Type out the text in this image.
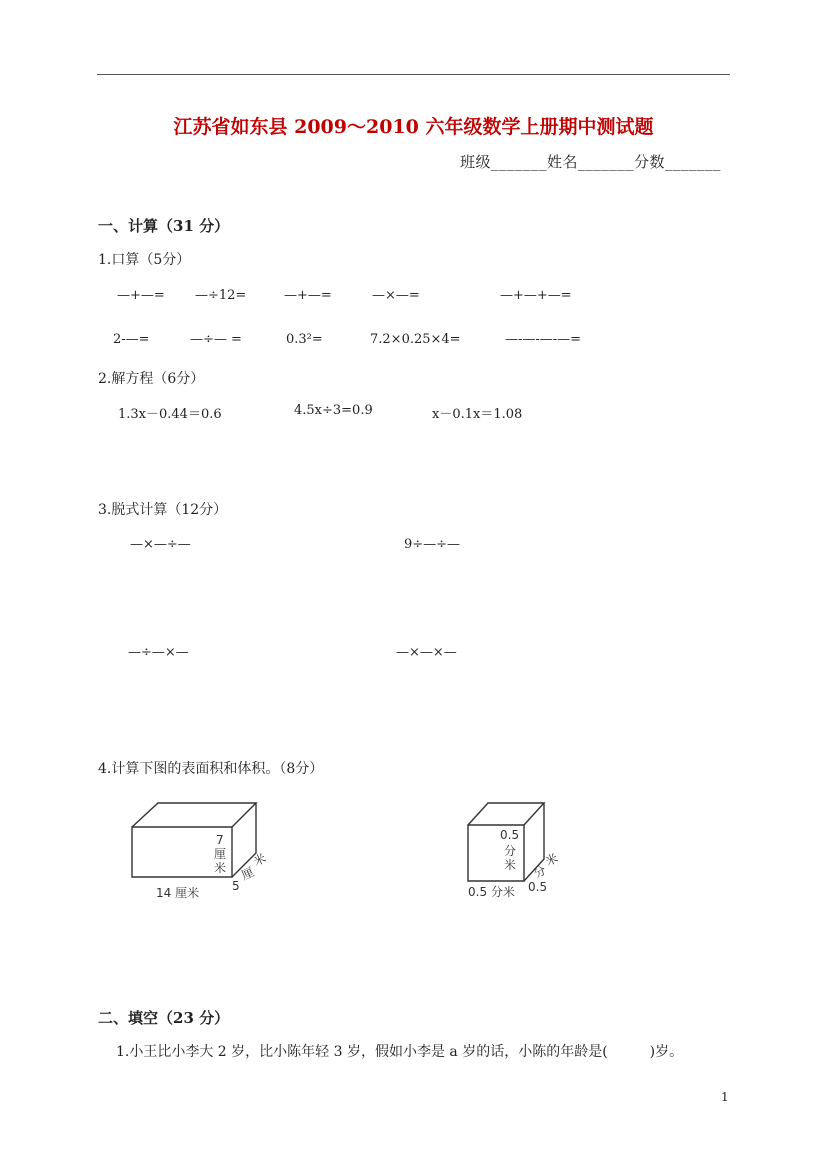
江苏省如东县 2009～2010 六年级数学上册期中测试题
班级_______姓名_______分数_______
一、计算（31 分）
1.口算（5分）
—+—= —÷12=	—+—=	—×—=	—+—+—=
2-—=	—÷— =	0.3²=	7.2×0.25×4=	—-—-—-—=
2.解方程（6分）
1.3x－0.44＝0.6	4.5x÷3=0.9	x－0.1x＝1.08
3.脱式计算（12分）
—×—÷—	9÷—÷—
—÷—×—	—×—×—
4.计算下图的表面积和体积。（8分）
7 厘米
14 厘米	5
厘
米
0.5
分米
0.5 分米 0.5
分
米
二、填空（23 分）
1.小王比小李大 2 岁，比小陈年轻 3 岁，假如小李是 a 岁的话，小陈的年龄是(　　　)岁。
1
